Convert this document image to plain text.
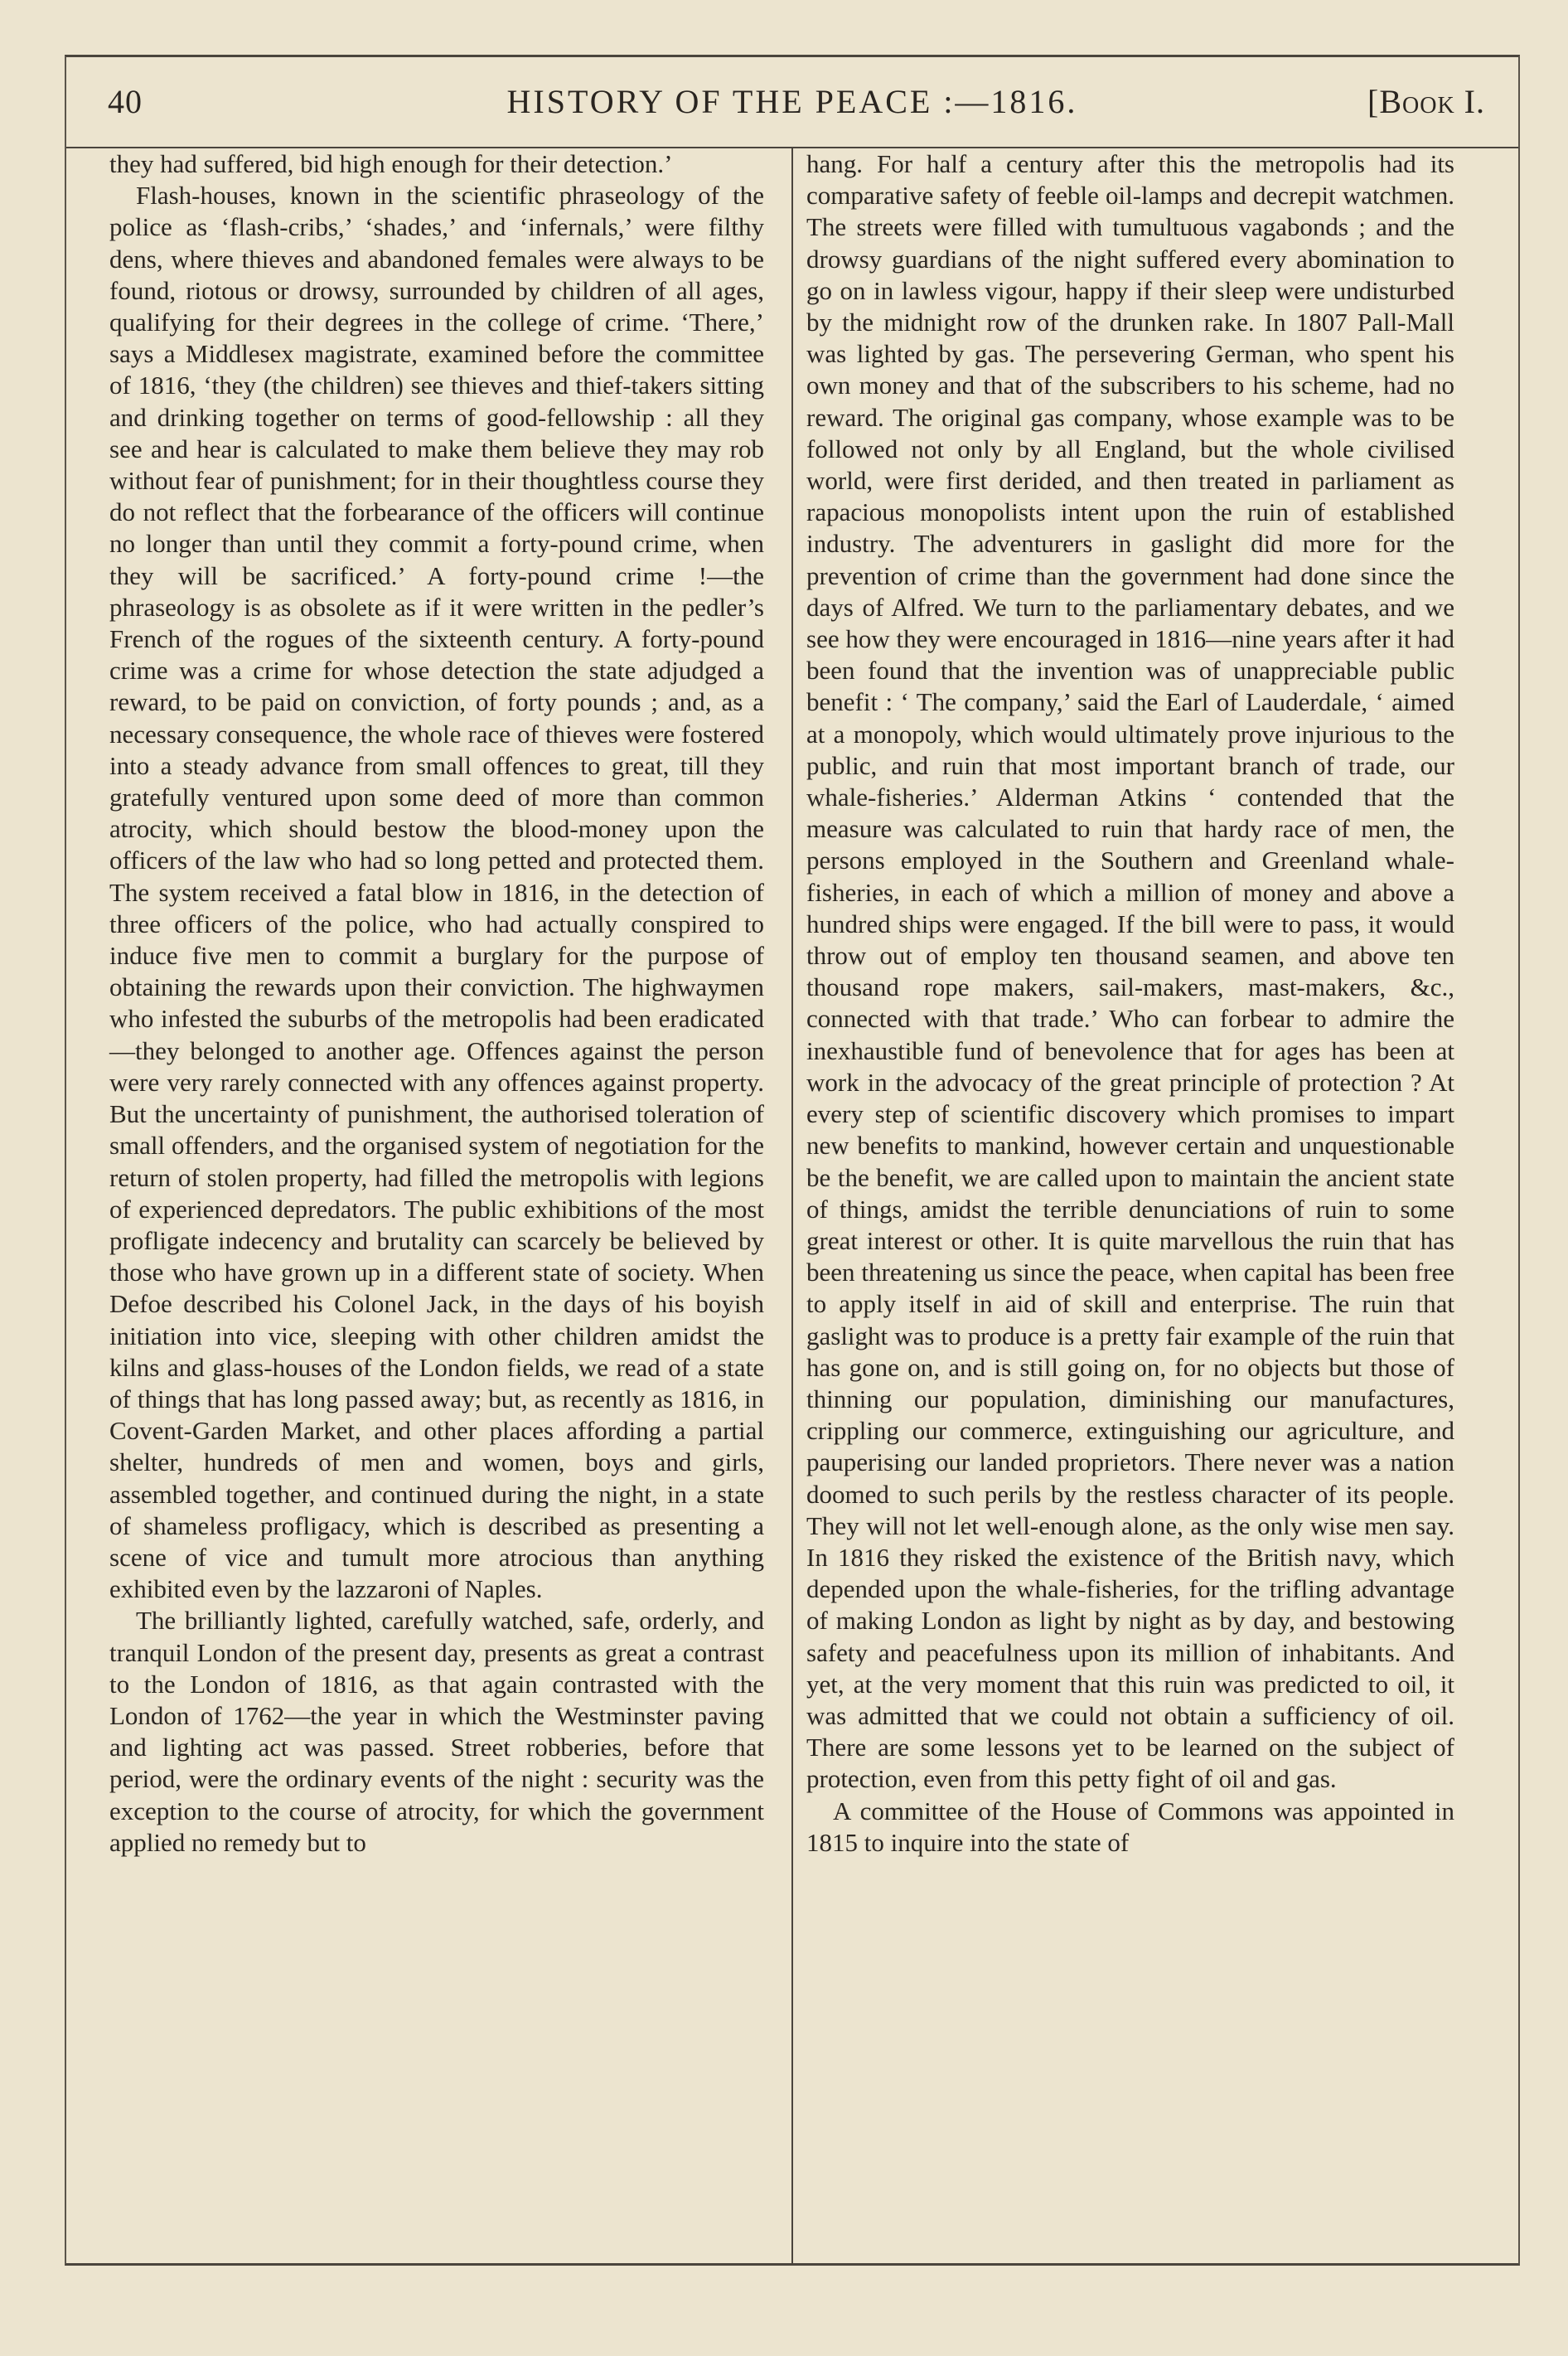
40	HISTORY OF THE PEACE :—1816.	[Book I.

they had suffered, bid high enough for their detection.’

Flash-houses, known in the scientific phraseology of the police as ‘flash-cribs,’ ‘shades,’ and ‘infernals,’ were filthy dens, where thieves and abandoned females were always to be found, riotous or drowsy, surrounded by children of all ages, qualifying for their degrees in the college of crime. ‘There,’ says a Middlesex magistrate, examined before the committee of 1816, ‘they (the children) see thieves and thief-takers sitting and drinking together on terms of good-fellowship : all they see and hear is calculated to make them believe they may rob without fear of punishment; for in their thoughtless course they do not reflect that the forbearance of the officers will continue no longer than until they commit a forty-pound crime, when they will be sacrificed.’ A forty-pound crime !—the phraseology is as obsolete as if it were written in the pedler’s French of the rogues of the sixteenth century. A forty-pound crime was a crime for whose detection the state adjudged a reward, to be paid on conviction, of forty pounds ; and, as a necessary consequence, the whole race of thieves were fostered into a steady advance from small offences to great, till they gratefully ventured upon some deed of more than common atrocity, which should bestow the blood-money upon the officers of the law who had so long petted and protected them. The system received a fatal blow in 1816, in the detection of three officers of the police, who had actually conspired to induce five men to commit a burglary for the purpose of obtaining the rewards upon their conviction. The highwaymen who infested the suburbs of the metropolis had been eradicated—they belonged to another age. Offences against the person were very rarely connected with any offences against property. But the uncertainty of punishment, the authorised toleration of small offenders, and the organised system of negotiation for the return of stolen property, had filled the metropolis with legions of experienced depredators. The public exhibitions of the most profligate indecency and brutality can scarcely be believed by those who have grown up in a different state of society. When Defoe described his Colonel Jack, in the days of his boyish initiation into vice, sleeping with other children amidst the kilns and glass-houses of the London fields, we read of a state of things that has long passed away; but, as recently as 1816, in Covent-Garden Market, and other places affording a partial shelter, hundreds of men and women, boys and girls, assembled together, and continued during the night, in a state of shameless profligacy, which is described as presenting a scene of vice and tumult more atrocious than anything exhibited even by the lazzaroni of Naples.

The brilliantly lighted, carefully watched, safe, orderly, and tranquil London of the present day, presents as great a contrast to the London of 1816, as that again contrasted with the London of 1762—the year in which the Westminster paving and lighting act was passed. Street robberies, before that period, were the ordinary events of the night : security was the exception to the course of atrocity, for which the government applied no remedy but to

hang. For half a century after this the metropolis had its comparative safety of feeble oil-lamps and decrepit watchmen. The streets were filled with tumultuous vagabonds ; and the drowsy guardians of the night suffered every abomination to go on in lawless vigour, happy if their sleep were undisturbed by the midnight row of the drunken rake. In 1807 Pall-Mall was lighted by gas. The persevering German, who spent his own money and that of the subscribers to his scheme, had no reward. The original gas company, whose example was to be followed not only by all England, but the whole civilised world, were first derided, and then treated in parliament as rapacious monopolists intent upon the ruin of established industry. The adventurers in gaslight did more for the prevention of crime than the government had done since the days of Alfred. We turn to the parliamentary debates, and we see how they were encouraged in 1816—nine years after it had been found that the invention was of unappreciable public benefit : ‘ The company,’ said the Earl of Lauderdale, ‘ aimed at a monopoly, which would ultimately prove injurious to the public, and ruin that most important branch of trade, our whale-fisheries.’ Alderman Atkins ‘ contended that the measure was calculated to ruin that hardy race of men, the persons employed in the Southern and Greenland whale-fisheries, in each of which a million of money and above a hundred ships were engaged. If the bill were to pass, it would throw out of employ ten thousand seamen, and above ten thousand rope makers, sail-makers, mast-makers, &c., connected with that trade.’ Who can forbear to admire the inexhaustible fund of benevolence that for ages has been at work in the advocacy of the great principle of protection ? At every step of scientific discovery which promises to impart new benefits to mankind, however certain and unquestionable be the benefit, we are called upon to maintain the ancient state of things, amidst the terrible denunciations of ruin to some great interest or other. It is quite marvellous the ruin that has been threatening us since the peace, when capital has been free to apply itself in aid of skill and enterprise. The ruin that gaslight was to produce is a pretty fair example of the ruin that has gone on, and is still going on, for no objects but those of thinning our population, diminishing our manufactures, crippling our commerce, extinguishing our agriculture, and pauperising our landed proprietors. There never was a nation doomed to such perils by the restless character of its people. They will not let well-enough alone, as the only wise men say. In 1816 they risked the existence of the British navy, which depended upon the whale-fisheries, for the trifling advantage of making London as light by night as by day, and bestowing safety and peacefulness upon its million of inhabitants. And yet, at the very moment that this ruin was predicted to oil, it was admitted that we could not obtain a sufficiency of oil. There are some lessons yet to be learned on the subject of protection, even from this petty fight of oil and gas.

A committee of the House of Commons was appointed in 1815 to inquire into the state of
